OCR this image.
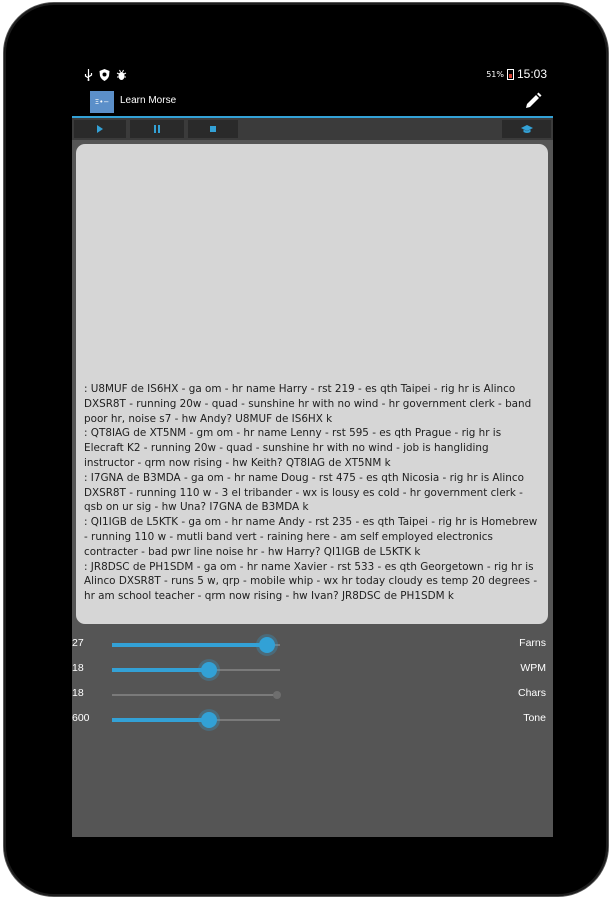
51% 15:03
Ξ•−	Learn Morse
: U8MUF de IS6HX - ga om - hr name Harry - rst 219 - es qth Taipei - rig hr is Alinco DXSR8T - running 20w - quad - sunshine hr with no wind - hr government clerk - band poor hr, noise s7 - hw Andy? U8MUF de IS6HX k
: QT8IAG de XT5NM - gm om - hr name Lenny - rst 595 - es qth Prague - rig hr is Elecraft K2 - running 20w - quad - sunshine hr with no wind - job is hangliding instructor - qrm now rising - hw Keith? QT8IAG de XT5NM k
: I7GNA de B3MDA - ga om - hr name Doug - rst 475 - es qth Nicosia - rig hr is Alinco DXSR8T - running 110 w - 3 el tribander - wx is lousy es cold - hr government clerk - qsb on ur sig - hw Una? I7GNA de B3MDA k
: QI1IGB de L5KTK - ga om - hr name Andy - rst 235 - es qth Taipei - rig hr is Homebrew - running 110 w - mutli band vert - raining here - am self employed electronics contracter - bad pwr line noise hr - hw Harry? QI1IGB de L5KTK k
: JR8DSC de PH1SDM - ga om - hr name Xavier - rst 533 - es qth Georgetown - rig hr is Alinco DXSR8T - runs 5 w, qrp - mobile whip - wx hr today cloudy es temp 20 degrees - hr am school teacher - qrm now rising - hw Ivan? JR8DSC de PH1SDM k
27	Farns
18	WPM
18	Chars
600	Tone
